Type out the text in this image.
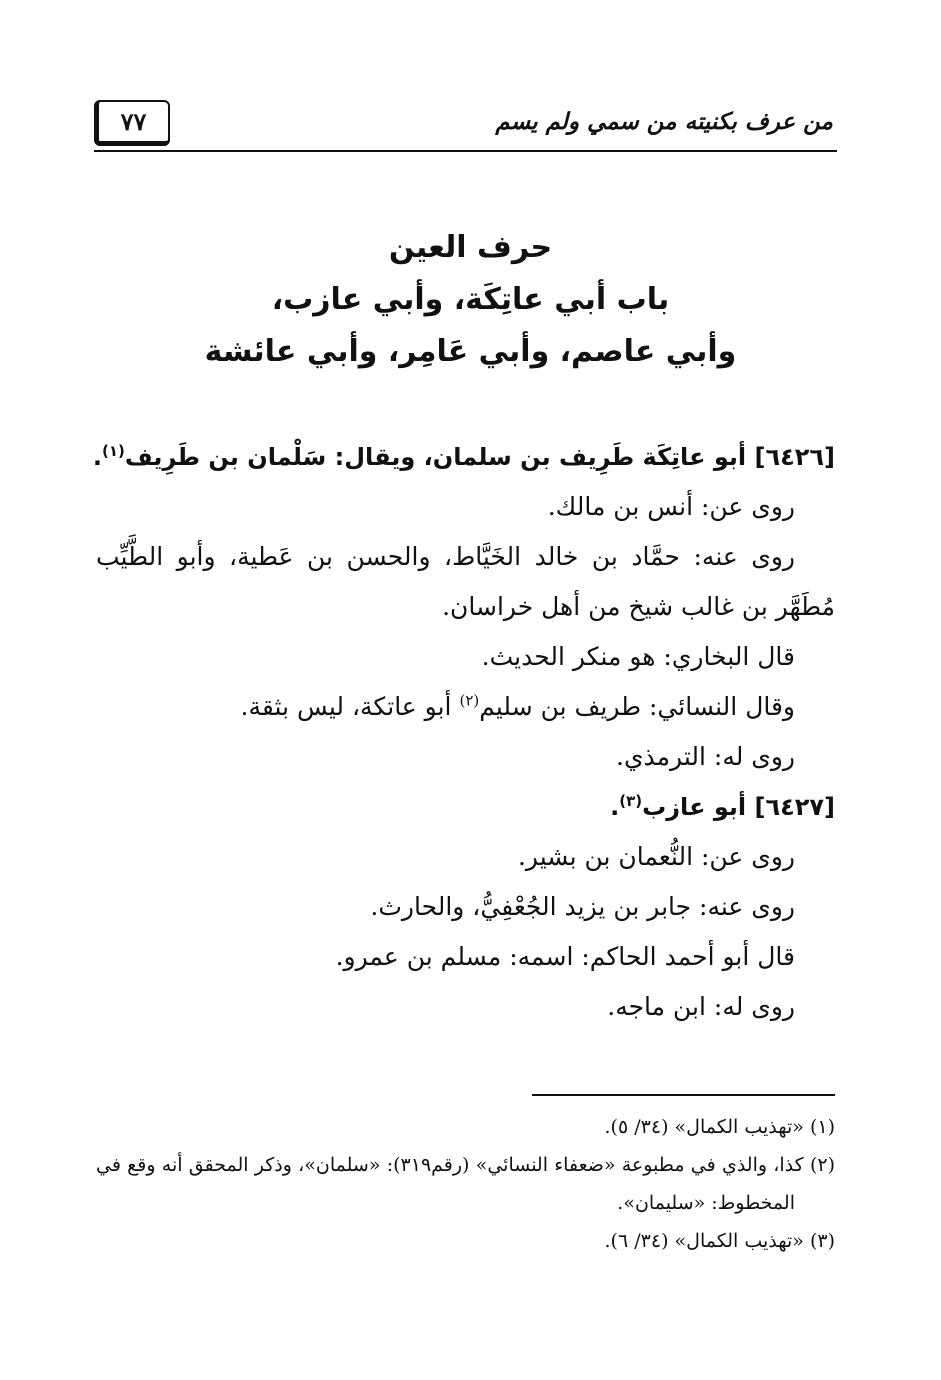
من عرف بكنيته من سمي ولم يسم
٧٧
حرف العين
باب أبي عاتِكَة، وأبي عازب،
وأبي عاصم، وأبي عَامِر، وأبي عائشة
[٦٤٢٦] أبو عاتِكَة طَرِيف بن سلمان، ويقال: سَلْمان بن طَرِيف$^{(١)}$.
روى عن: أنس بن مالك.
روى عنه: حمَّاد بن خالد الخَيَّاط، والحسن بن عَطية، وأبو الطَّيِّب
مُطَهَّر بن غالب شيخ من أهل خراسان.
قال البخاري: هو منكر الحديث.
وقال النسائي: طريف بن سليم$^{(٢)}$ أبو عاتكة، ليس بثقة.
روى له: الترمذي.
[٦٤٢٧] أبو عازب$^{(٣)}$.
روى عن: النُّعمان بن بشير.
روى عنه: جابر بن يزيد الجُعْفِيُّ، والحارث.
قال أبو أحمد الحاكم: اسمه: مسلم بن عمرو.
روى له: ابن ماجه.
(١) «تهذيب الكمال» (٣٤/ ٥).
(٢) كذا، والذي في مطبوعة «ضعفاء النسائي» (رقم٣١٩): «سلمان»، وذكر المحقق أنه وقع في
المخطوط: «سليمان».
(٣) «تهذيب الكمال» (٣٤/ ٦).
